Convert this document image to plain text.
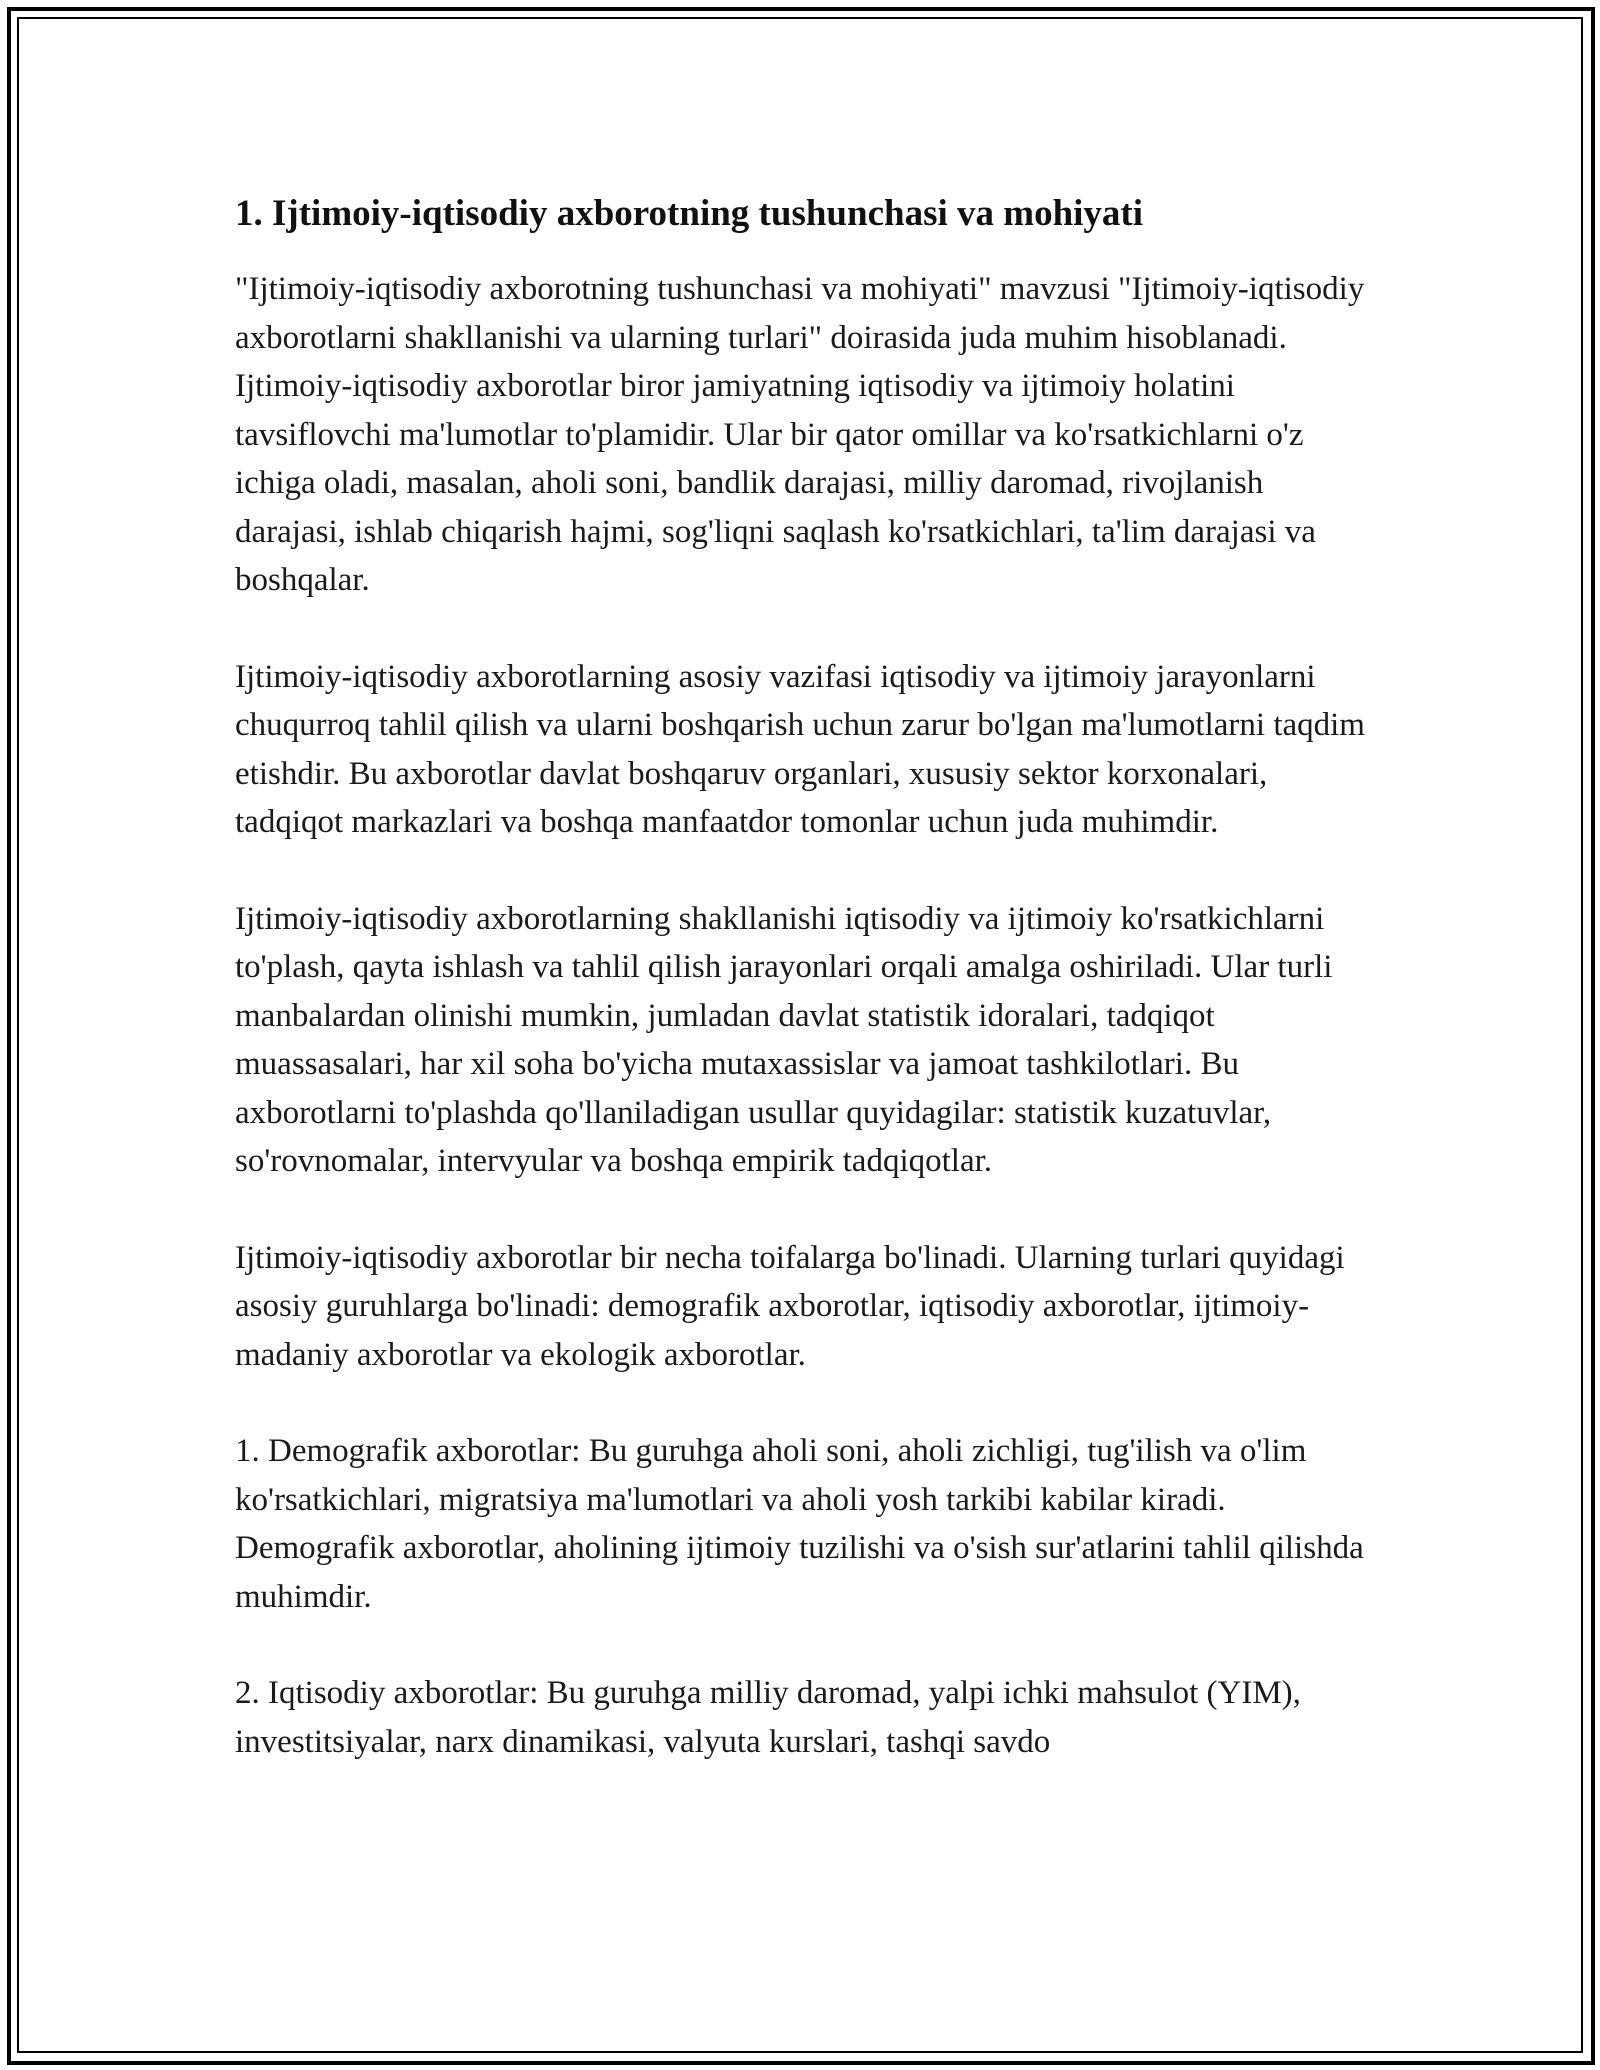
1. Ijtimoiy-iqtisodiy axborotning tushunchasi va mohiyati

"Ijtimoiy-iqtisodiy axborotning tushunchasi va mohiyati" mavzusi "Ijtimoiy-iqtisodiy axborotlarni shakllanishi va ularning turlari" doirasida juda muhim hisoblanadi. Ijtimoiy-iqtisodiy axborotlar biror jamiyatning iqtisodiy va ijtimoiy holatini tavsiflovchi ma'lumotlar to'plamidir. Ular bir qator omillar va ko'rsatkichlarni o'z ichiga oladi, masalan, aholi soni, bandlik darajasi, milliy daromad, rivojlanish darajasi, ishlab chiqarish hajmi, sog'liqni saqlash ko'rsatkichlari, ta'lim darajasi va boshqalar.

Ijtimoiy-iqtisodiy axborotlarning asosiy vazifasi iqtisodiy va ijtimoiy jarayonlarni chuqurroq tahlil qilish va ularni boshqarish uchun zarur bo'lgan ma'lumotlarni taqdim etishdir. Bu axborotlar davlat boshqaruv organlari, xususiy sektor korxonalari, tadqiqot markazlari va boshqa manfaatdor tomonlar uchun juda muhimdir.

Ijtimoiy-iqtisodiy axborotlarning shakllanishi iqtisodiy va ijtimoiy ko'rsatkichlarni to'plash, qayta ishlash va tahlil qilish jarayonlari orqali amalga oshiriladi. Ular turli manbalardan olinishi mumkin, jumladan davlat statistik idoralari, tadqiqot muassasalari, har xil soha bo'yicha mutaxassislar va jamoat tashkilotlari. Bu axborotlarni to'plashda qo'llaniladigan usullar quyidagilar: statistik kuzatuvlar, so'rovnomalar, intervyular va boshqa empirik tadqiqotlar.

Ijtimoiy-iqtisodiy axborotlar bir necha toifalarga bo'linadi. Ularning turlari quyidagi asosiy guruhlarga bo'linadi: demografik axborotlar, iqtisodiy axborotlar, ijtimoiy-madaniy axborotlar va ekologik axborotlar.

1. Demografik axborotlar: Bu guruhga aholi soni, aholi zichligi, tug'ilish va o'lim ko'rsatkichlari, migratsiya ma'lumotlari va aholi yosh tarkibi kabilar kiradi. Demografik axborotlar, aholining ijtimoiy tuzilishi va o'sish sur'atlarini tahlil qilishda muhimdir.

2. Iqtisodiy axborotlar: Bu guruhga milliy daromad, yalpi ichki mahsulot (YIM), investitsiyalar, narx dinamikasi, valyuta kurslari, tashqi savdo
